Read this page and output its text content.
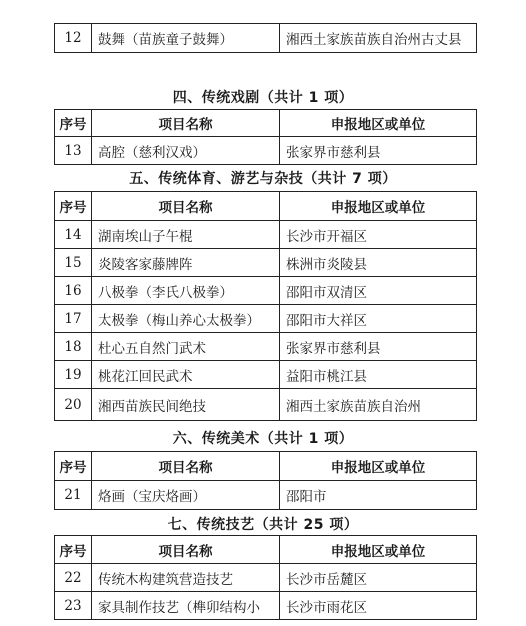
12	鼓舞（苗族童子鼓舞）	湘西土家族苗族自治州古丈县
四、传统戏剧（共计 1 项）
序号	项目名称	申报地区或单位
13	高腔（慈利汉戏）	张家界市慈利县
五、传统体育、游艺与杂技（共计 7 项）
序号	项目名称	申报地区或单位
14	湖南埃山子午棍	长沙市开福区
15	炎陵客家藤牌阵	株洲市炎陵县
16	八极拳（李氏八极拳）	邵阳市双清区
17	太极拳（梅山养心太极拳）	邵阳市大祥区
18	杜心五自然门武术	张家界市慈利县
19	桃花江回民武术	益阳市桃江县
20	湘西苗族民间绝技	湘西土家族苗族自治州
六、传统美术（共计 1 项）
序号	项目名称	申报地区或单位
21	烙画（宝庆烙画）	邵阳市
七、传统技艺（共计 25 项）
序号	项目名称	申报地区或单位
22	传统木构建筑营造技艺	长沙市岳麓区
23	家具制作技艺（榫卯结构小	长沙市雨花区
